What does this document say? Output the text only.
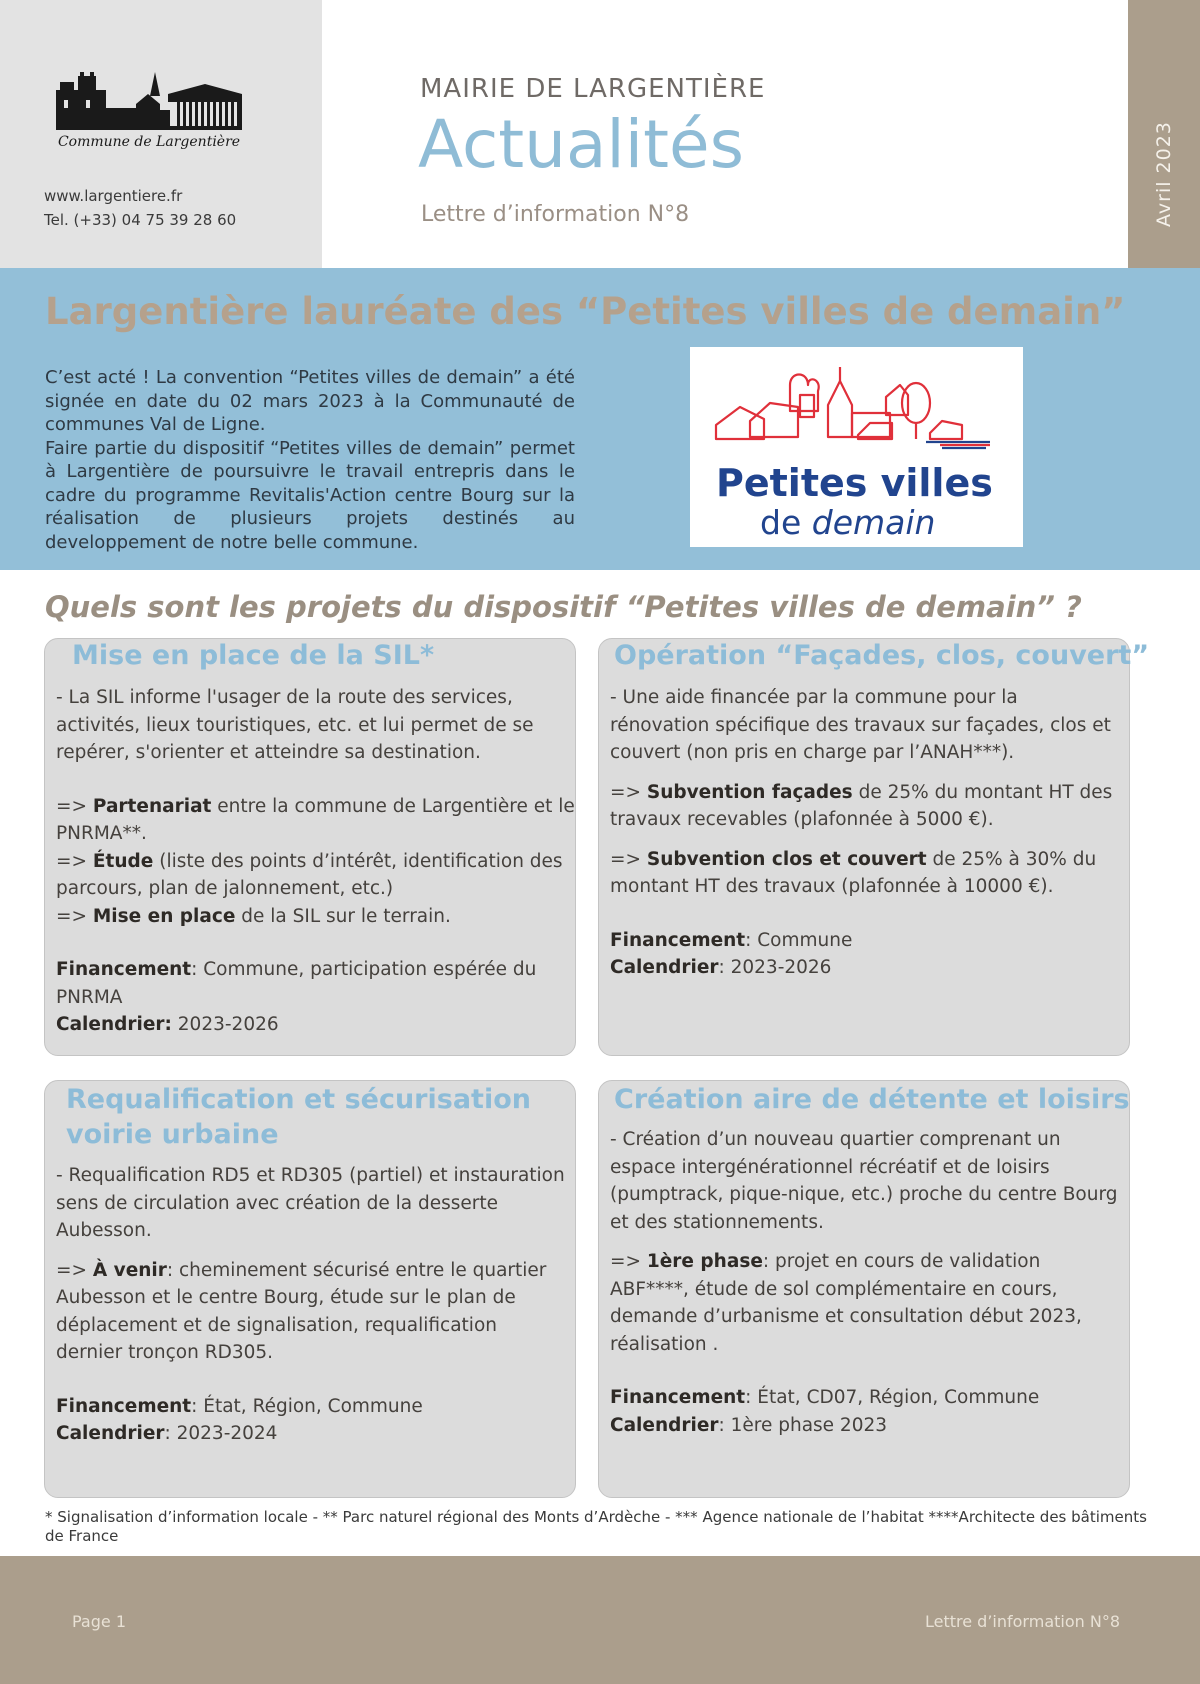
Commune de Largentière
www.largentiere.fr
Tel. (+33) 04 75 39 28 60
MAIRIE DE LARGENTIÈRE
Actualités
Lettre d’information N°8	Avril 2023
Largentière lauréate des “Petites villes de demain”

C’est acté ! La convention “Petites villes de demain” a été signée en date du 02 mars 2023 à la Communauté de communes Val de Ligne.

Faire partie du dispositif “Petites villes de demain” permet à Largentière de poursuivre le travail entrepris dans le cadre du programme Revitalis'Action centre Bourg sur la réalisation de plusieurs projets destinés au developpement de notre belle commune.

Petites villes
de demain
Quels sont les projets du dispositif “Petites villes de demain” ?
Mise en place de la SIL*

- La SIL informe l'usager de la route des services, activités, lieux touristiques, etc. et lui permet de se repérer, s'orienter et atteindre sa destination.

=> Partenariat entre la commune de Largentière et le PNRMA**.

=> Étude (liste des points d’intérêt, identification des parcours, plan de jalonnement, etc.)

=> Mise en place de la SIL sur le terrain.

Financement: Commune, participation espérée du PNRMA

Calendrier: 2023-2026

Opération “Façades, clos, couvert”

- Une aide financée par la commune pour la rénovation spécifique des travaux sur façades, clos et couvert (non pris en charge par l’ANAH***).

=> Subvention façades de 25% du montant HT des travaux recevables (plafonnée à 5000 €).

=> Subvention clos et couvert de 25% à 30% du montant HT des travaux (plafonnée à 10000 €).

Financement: Commune

Calendrier: 2023-2026

Requalification et sécurisation voirie urbaine

- Requalification RD5 et RD305 (partiel) et instauration sens de circulation avec création de la desserte Aubesson.

=> À venir: cheminement sécurisé entre le quartier Aubesson et le centre Bourg, étude sur le plan de déplacement et de signalisation, requalification dernier tronçon RD305.

Financement: État, Région, Commune

Calendrier: 2023-2024

Création aire de détente et loisirs

- Création d’un nouveau quartier comprenant un espace intergénérationnel récréatif et de loisirs (pumptrack, pique-nique, etc.) proche du centre Bourg et des stationnements.

=> 1ère phase: projet en cours de validation ABF****, étude de sol complémentaire en cours, demande d’urbanisme et consultation début 2023, réalisation .

Financement: État, CD07, Région, Commune

Calendrier: 1ère phase 2023

* Signalisation d’information locale - ** Parc naturel régional des Monts d’Ardèche - *** Agence nationale de l’habitat ****Architecte des bâtiments de France
Page 1	Lettre d’information N°8
